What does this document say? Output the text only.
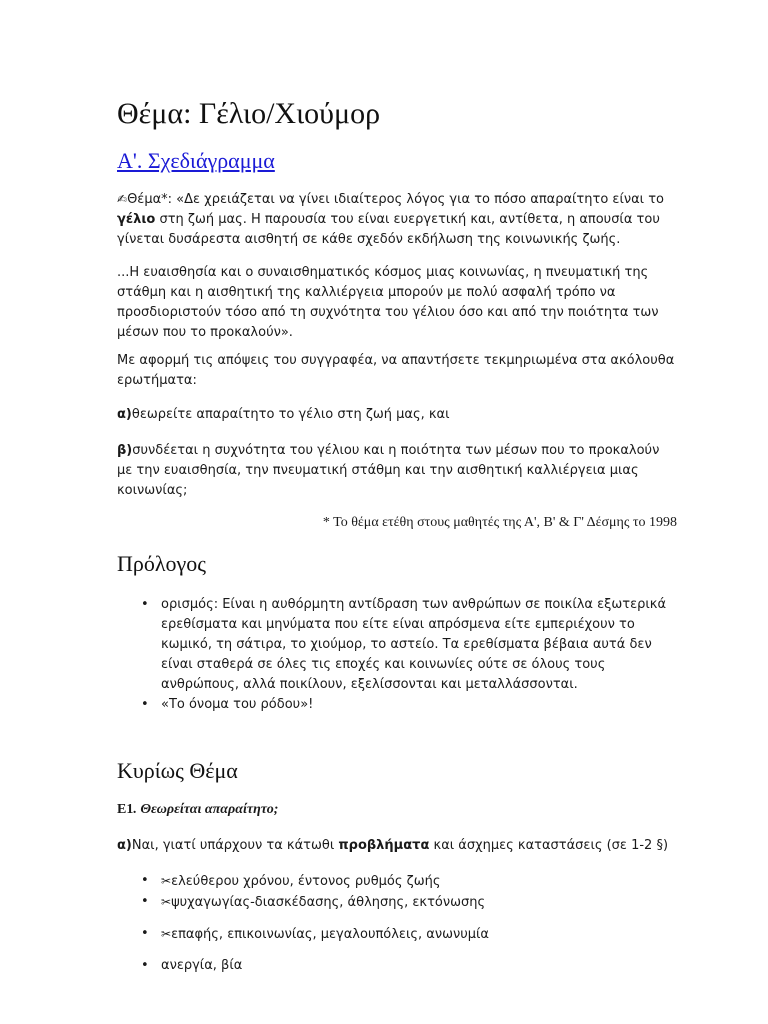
Θέμα: Γέλιο/Χιούμορ
Α'. Σχεδιάγραμμα

✍Θέμα*: «Δε χρειάζεται να γίνει ιδιαίτερος λόγος για το πόσο απαραίτητο είναι το γέλιο στη ζωή μας. Η παρουσία του είναι ευεργετική και, αντίθετα, η απουσία του γίνεται δυσάρεστα αισθητή σε κάθε σχεδόν εκδήλωση της κοινωνικής ζωής.

...Η ευαισθησία και ο συναισθηματικός κόσμος μιας κοινωνίας, η πνευματική της στάθμη και η αισθητική της καλλιέργεια μπορούν με πολύ ασφαλή τρόπο να προσδιοριστούν τόσο από τη συχνότητα του γέλιου όσο και από την ποιότητα των μέσων που το προκαλούν».

Με αφορμή τις απόψεις του συγγραφέα, να απαντήσετε τεκμηριωμένα στα ακόλουθα ερωτήματα:

α)θεωρείτε απαραίτητο το γέλιο στη ζωή μας, και

β)συνδέεται η συχνότητα του γέλιου και η ποιότητα των μέσων που το προκαλούν με την ευαισθησία, την πνευματική στάθμη και την αισθητική καλλιέργεια μιας κοινωνίας;

* Το θέμα ετέθη στους μαθητές της Α', Β' & Γ' Δέσμης το 1998

Πρόλογος
• ορισμός: Είναι η αυθόρμητη αντίδραση των ανθρώπων σε ποικίλα εξωτερικά ερεθίσματα και μηνύματα που είτε είναι απρόσμενα είτε εμπεριέχουν το κωμικό, τη σάτιρα, το χιούμορ, το αστείο. Τα ερεθίσματα βέβαια αυτά δεν είναι σταθερά σε όλες τις εποχές και κοινωνίες ούτε σε όλους τους ανθρώπους, αλλά ποικίλουν, εξελίσσονται και μεταλλάσσονται.
• «Το όνομα του ρόδου»!
Κυρίως Θέμα

Ε1. Θεωρείται απαραίτητο;

α)Ναι, γιατί υπάρχουν τα κάτωθι προβλήματα και άσχημες καταστάσεις (σε 1-2 §)

• ✂ελεύθερου χρόνου, έντονος ρυθμός ζωής
• ✂ψυχαγωγίας-διασκέδασης, άθλησης, εκτόνωσης
• ✂επαφής, επικοινωνίας, μεγαλουπόλεις, ανωνυμία
• ανεργία, βία
